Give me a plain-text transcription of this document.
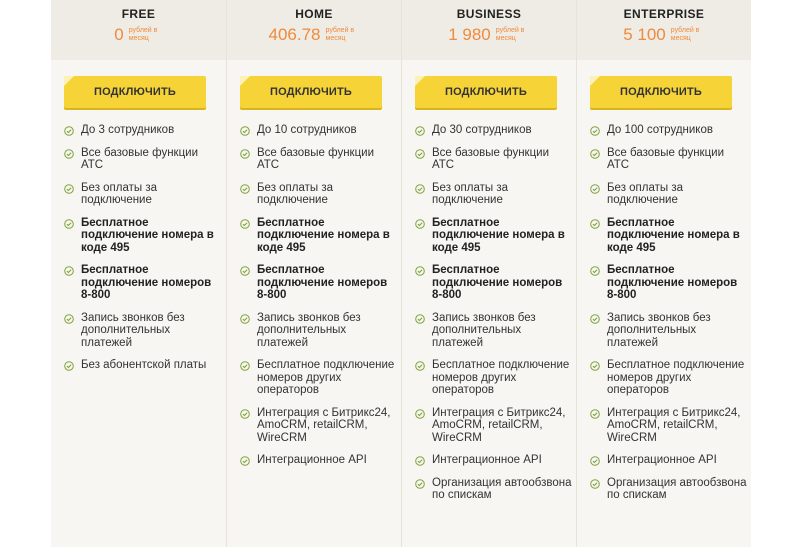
FREE
0 рублей в месяц
ПОДКЛЮЧИТЬ
До 3 сотрудников
Все базовые функции АТС
Без оплаты за подключение
Бесплатное подключение номера в коде 495
Бесплатное подключение номеров 8-800
Запись звонков без дополнительных платежей
Без абонентской платы
HOME
406.78 рублей в месяц
ПОДКЛЮЧИТЬ
До 10 сотрудников
Все базовые функции АТС
Без оплаты за подключение
Бесплатное подключение номера в коде 495
Бесплатное подключение номеров 8-800
Запись звонков без дополнительных платежей
Бесплатное подключение номеров других операторов
Интеграция с Битрикс24, AmoCRM, retailCRM, WireCRM
Интеграционное API
BUSINESS
1 980 рублей в месяц
ПОДКЛЮЧИТЬ
До 30 сотрудников
Все базовые функции АТС
Без оплаты за подключение
Бесплатное подключение номера в коде 495
Бесплатное подключение номеров 8-800
Запись звонков без дополнительных платежей
Бесплатное подключение номеров других операторов
Интеграция с Битрикс24, AmoCRM, retailCRM, WireCRM
Интеграционное API
Организация автообзвона по спискам
ENTERPRISE
5 100 рублей в месяц
ПОДКЛЮЧИТЬ
До 100 сотрудников
Все базовые функции АТС
Без оплаты за подключение
Бесплатное подключение номера в коде 495
Бесплатное подключение номеров 8-800
Запись звонков без дополнительных платежей
Бесплатное подключение номеров других операторов
Интеграция с Битрикс24, AmoCRM, retailCRM, WireCRM
Интеграционное API
Организация автообзвона по спискам
